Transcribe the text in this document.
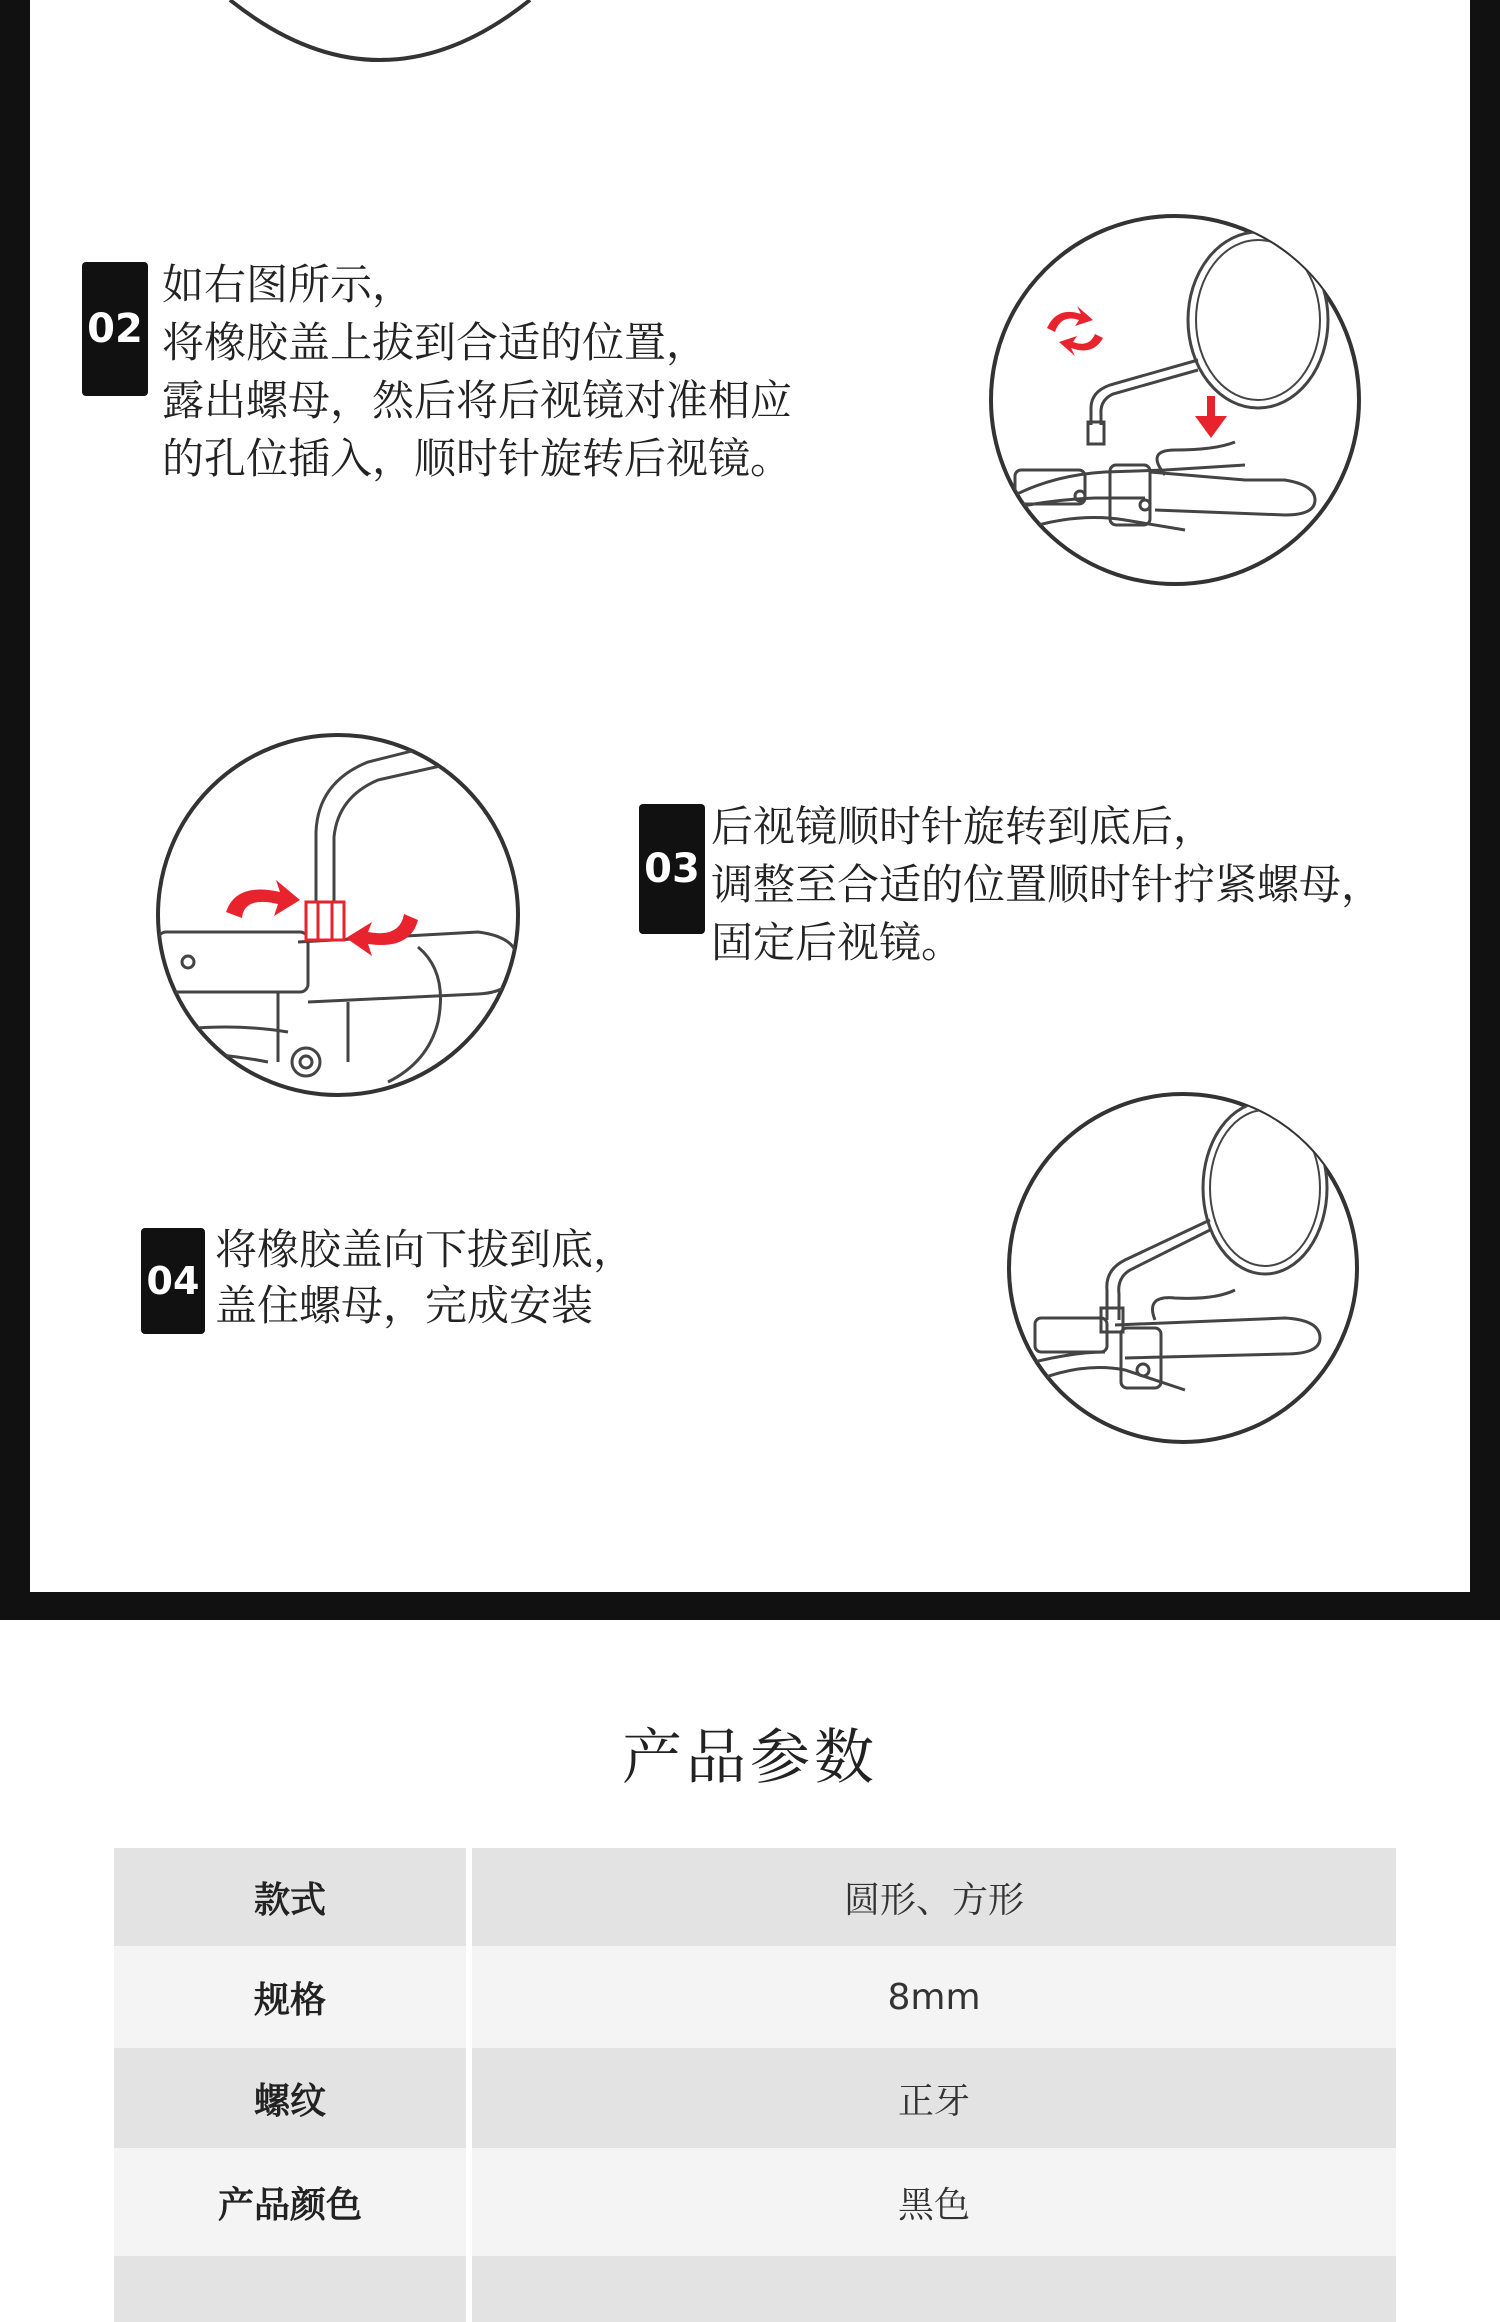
02
如右图所示，
将橡胶盖上拔到合适的位置，
露出螺母，然后将后视镜对准相应
的孔位插入，顺时针旋转后视镜。
03
后视镜顺时针旋转到底后，
调整至合适的位置顺时针拧紧螺母，
固定后视镜。
04
将橡胶盖向下拔到底，
盖住螺母，完成安装
产品参数
款式	圆形、方形
规格	8mm
螺纹	正牙
产品颜色	黑色
